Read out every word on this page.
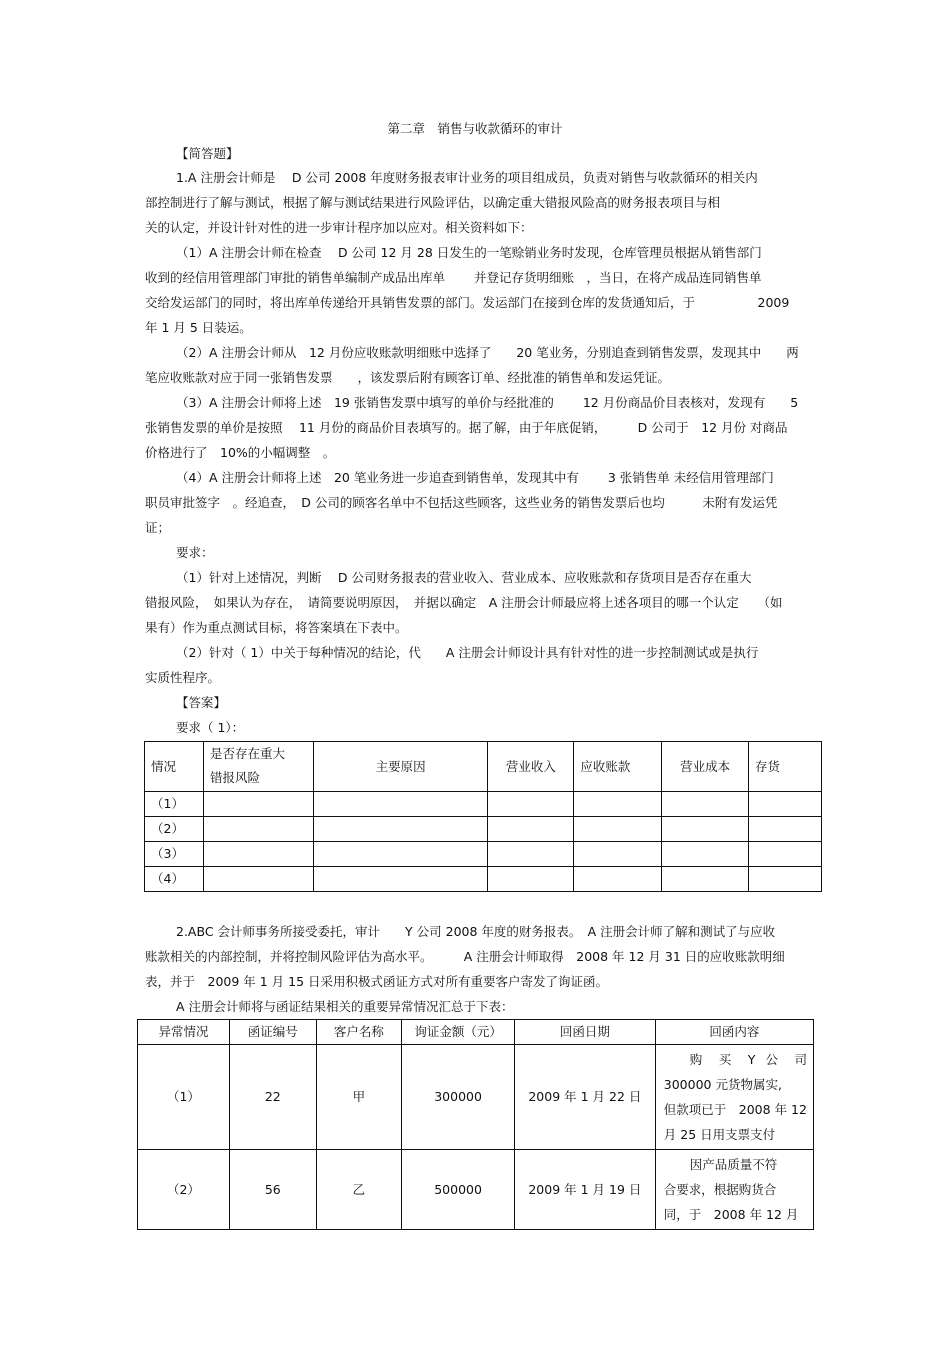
第二章　销售与收款循环的审计
【简答题】
1.A 注册会计师是　 D 公司 2008 年度财务报表审计业务的项目组成员，负责对销售与收款循环的相关内
部控制进行了解与测试，根据了解与测试结果进行风险评估，以确定重大错报风险高的财务报表项目与相
关的认定，并设计针对性的进一步审计程序加以应对。相关资料如下：
（1）A 注册会计师在检查　 D 公司 12 月 28 日发生的一笔赊销业务时发现，仓库管理员根据从销售部门
收到的经信用管理部门审批的销售单编制产成品出库单　　 并登记存货明细账　，当日，在将产成品连同销售单
交给发运部门的同时，将出库单传递给开具销售发票的部门。发运部门在接到仓库的发货通知后，于　　　　　2009
年 1 月 5 日装运。
（2）A 注册会计师从　12 月份应收账款明细账中选择了　　20 笔业务，分别追查到销售发票，发现其中　　两
笔应收账款对应于同一张销售发票　　，该发票后附有顾客订单、经批准的销售单和发运凭证。
（3）A 注册会计师将上述　19 张销售发票中填写的单价与经批准的　　 12 月份商品价目表核对，发现有　　5
张销售发票的单价是按照　 11 月份的商品价目表填写的。据了解，由于年底促销，　　　D 公司于　12 月份 对商品
价格进行了　10%的小幅调整　。
（4）A 注册会计师将上述　20 笔业务进一步追查到销售单，发现其中有　　 3 张销售单 未经信用管理部门
职员审批签字　。经追查，　D 公司的顾客名单中不包括这些顾客，这些业务的销售发票后也均　　　未附有发运凭
证；
要求：
（1）针对上述情况，判断　 D 公司财务报表的营业收入、营业成本、应收账款和存货项目是否存在重大
错报风险，　如果认为存在，　请简要说明原因，　并据以确定　A 注册会计师最应将上述各项目的哪一个认定　　（如
果有）作为重点测试目标，将答案填在下表中。
（2）针对（ 1）中关于每种情况的结论，代　　A 注册会计师设计具有针对性的进一步控制测试或是执行
实质性程序。
【答案】
要求（ 1）：
情况	是否存在重大
错报风险	主要原因	营业收入	应收账款	营业成本	存货
（1）						
（2）						
（3）						
（4）						
2.ABC 会计师事务所接受委托，审计　　Y 公司 2008 年度的财务报表。　A 注册会计师了解和测试了与应收
账款相关的内部控制，并将控制风险评估为高水平。　　　A 注册会计师取得　2008 年 12 月 31 日的应收账款明细
表，并于　2009 年 1 月 15 日采用积极式函证方式对所有重要客户寄发了询证函。
A 注册会计师将与函证结果相关的重要异常情况汇总于下表：
异常情况	函证编号	客户名称	询证金额（元）	回函日期	回函内容
（1）	22	甲	300000	2009 年 1 月 22 日	购 买 Y 公 司
300000 元货物属实,
但款项已于　2008 年 12
月 25 日用支票支付

（2）	56	乙	500000	2009 年 1 月 19 日	因产品质量不符
合要求，根据购货合
同，于　2008 年 12 月
